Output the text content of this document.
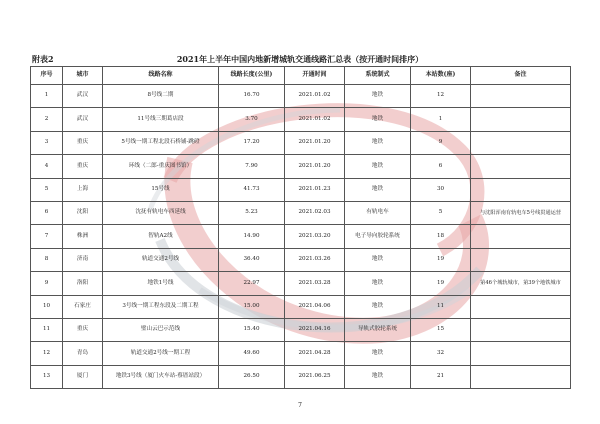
附表2	2021年上半年中国内地新增城轨交通线路汇总表（按开通时间排序）
序号	城市	线路名称	线路长度(公里)	开通时间	系统制式	本站数(座)	备注
1	武汉	8号线二期	16.70	2021.01.02	地铁	12	
2	武汉	11号线三期葛店段	3.70	2021.01.02	地铁	1	
3	重庆	5号线一期工程北段石桥铺-跳磴	17.20	2021.01.20	地铁	9	
4	重庆	环线（二郎-重庆图书馆）	7.90	2021.01.20	地铁	6	
5	上海	15号线	41.73	2021.01.23	地铁	30	
6	沈阳	沈抚有轨电车西延线	5.23	2021.02.03	有轨电车	5	与沈阳浑南有轨电车5号线贯通运营
7	株洲	智轨A2线	14.90	2021.03.20	电子导向胶轮系统	18	
8	济南	轨道交通2号线	36.40	2021.03.26	地铁	19	
9	洛阳	地铁1号线	22.97	2021.03.28	地铁	19	第46个城轨城市，第39个地铁城市
10	石家庄	3号线一期工程东段及二期工程	15.00	2021.04.06	地铁	11	
11	重庆	璧山云巴示范线	15.40	2021.04.16	导轨式胶轮系统	15	
12	青岛	轨道交通2号线一期工程	49.60	2021.04.28	地铁	32	
13	厦门	地铁3号线（厦门火车站-蔡厝站段）	26.50	2021.06.25	地铁	21	
7
